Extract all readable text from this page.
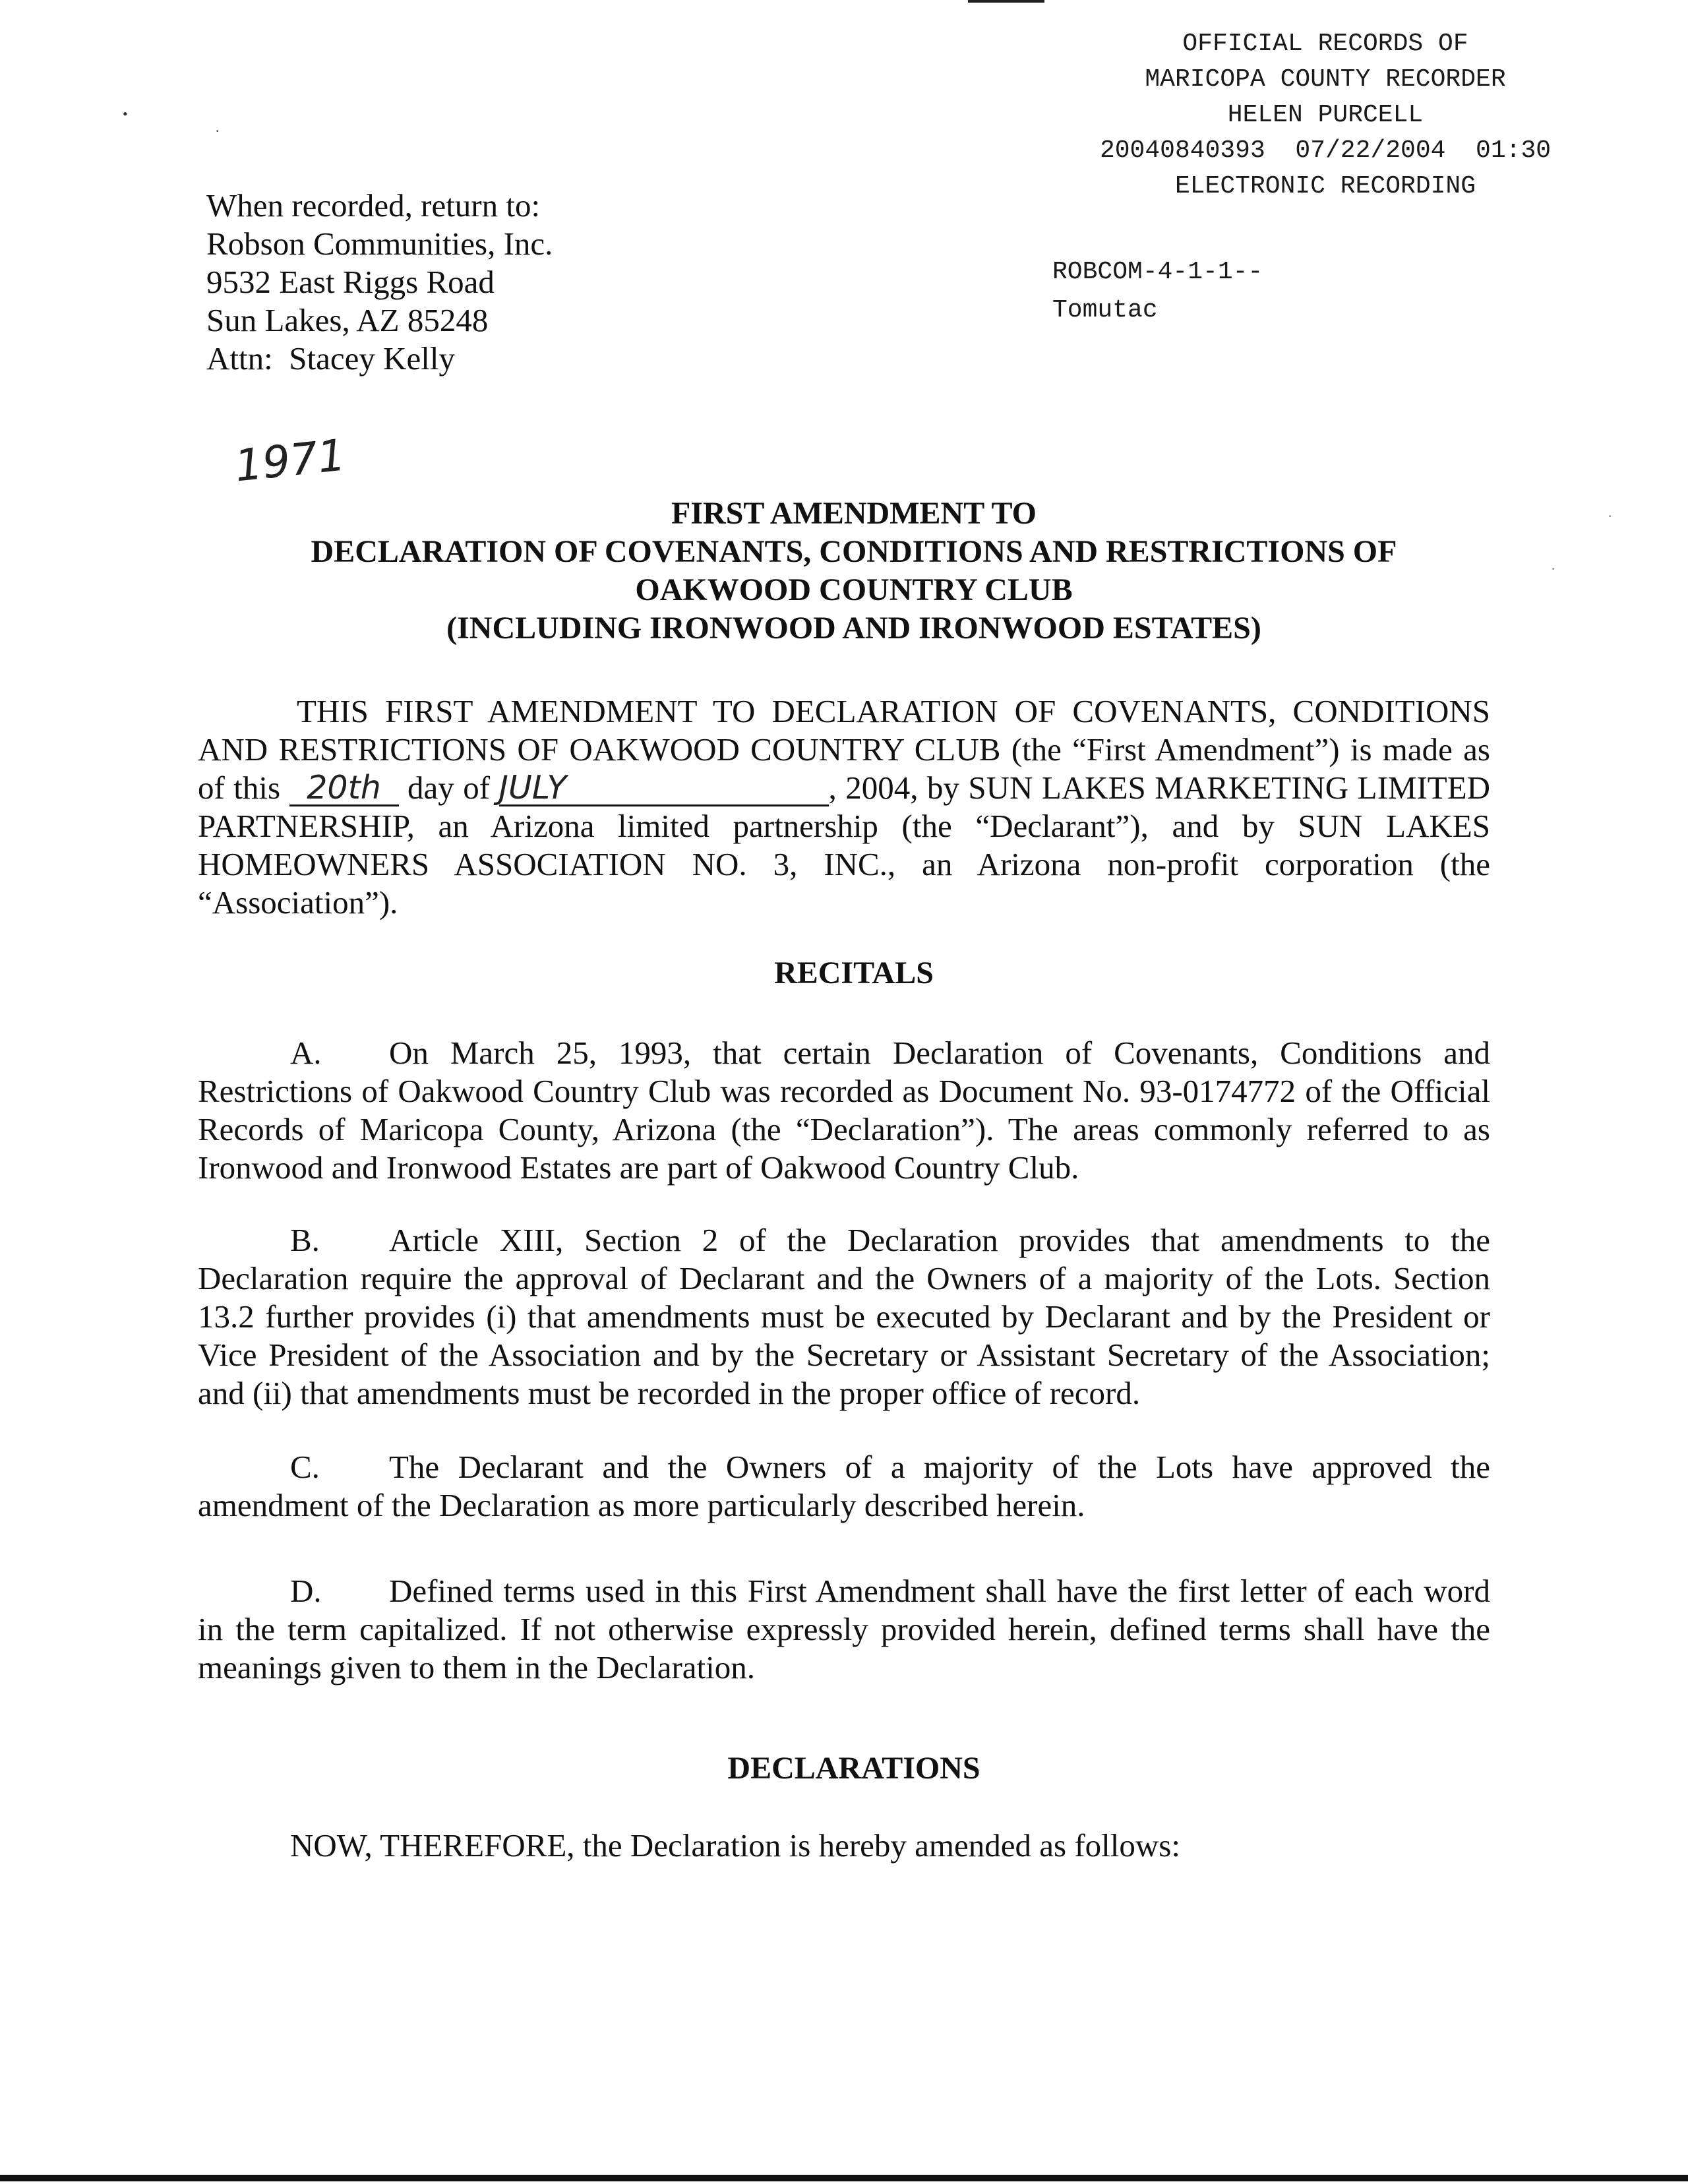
•
·
·
·
OFFICIAL RECORDS OF
MARICOPA COUNTY RECORDER
HELEN PURCELL
20040840393  07/22/2004  01:30
ELECTRONIC RECORDING
ROBCOM-4-1-1--
Tomutac
When recorded, return to:
Robson Communities, Inc.
9532 East Riggs Road
Sun Lakes, AZ 85248
Attn:  Stacey Kelly
1971
FIRST AMENDMENT TO
DECLARATION OF COVENANTS, CONDITIONS AND RESTRICTIONS OF
OAKWOOD COUNTRY CLUB
(INCLUDING IRONWOOD AND IRONWOOD ESTATES)
THIS FIRST AMENDMENT TO DECLARATION OF COVENANTS, CONDITIONS AND RESTRICTIONS OF OAKWOOD COUNTRY CLUB (the “First Amendment”) is made as of this 20th day of JULY	, 2004, by SUN LAKES MARKETING LIMITED PARTNERSHIP, an Arizona limited partnership (the “Declarant”), and by SUN LAKES HOMEOWNERS ASSOCIATION NO. 3, INC., an Arizona non-profit corporation (the “Association”).
RECITALS
A. On March 25, 1993, that certain Declaration of Covenants, Conditions and Restrictions of Oakwood Country Club was recorded as Document No. 93-0174772 of the Official Records of Maricopa County, Arizona (the “Declaration”). The areas commonly referred to as Ironwood and Ironwood Estates are part of Oakwood Country Club.
B. Article XIII, Section 2 of the Declaration provides that amendments to the Declaration require the approval of Declarant and the Owners of a majority of the Lots. Section 13.2 further provides (i) that amendments must be executed by Declarant and by the President or Vice President of the Association and by the Secretary or Assistant Secretary of the Association; and (ii) that amendments must be recorded in the proper office of record.
C. The Declarant and the Owners of a majority of the Lots have approved the amendment of the Declaration as more particularly described herein.
D. Defined terms used in this First Amendment shall have the first letter of each word in the term capitalized. If not otherwise expressly provided herein, defined terms shall have the meanings given to them in the Declaration.
DECLARATIONS
NOW, THEREFORE, the Declaration is hereby amended as follows:
